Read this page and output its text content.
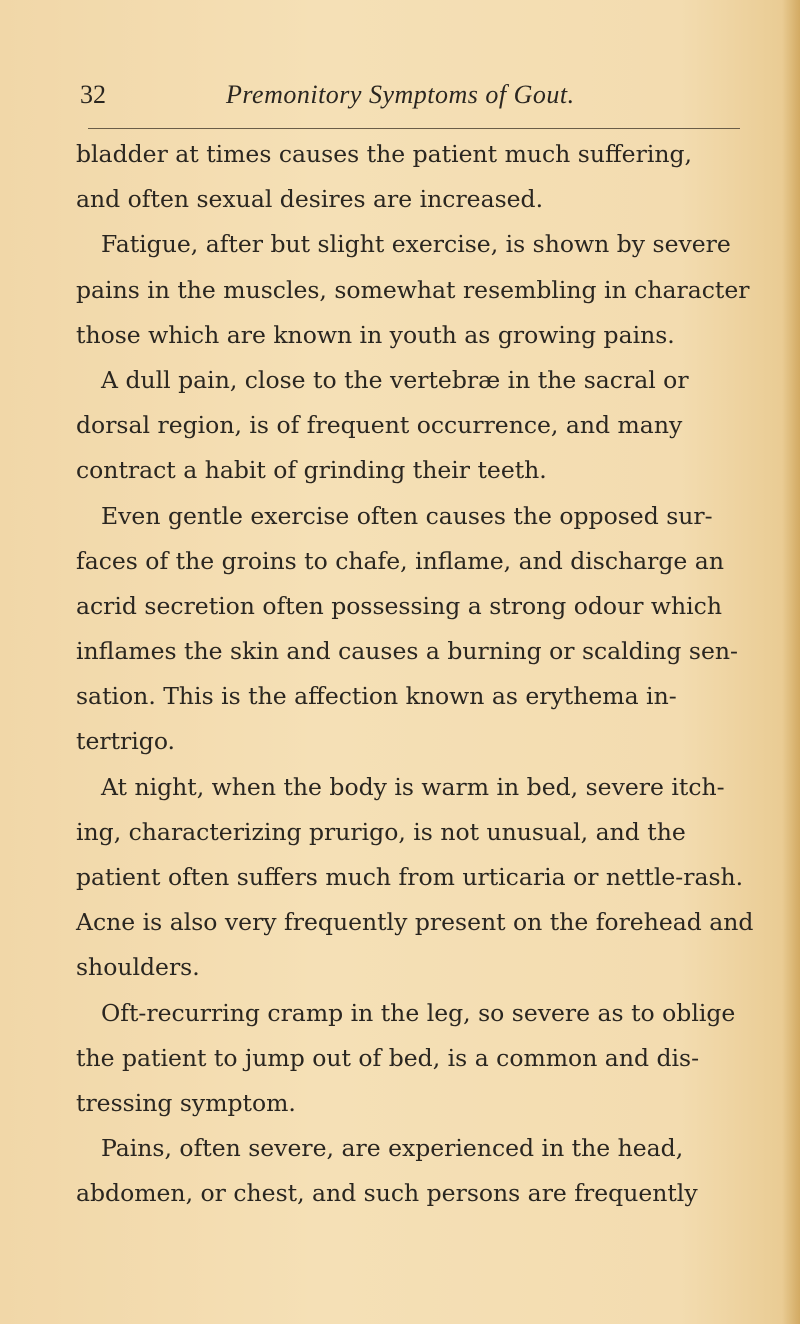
32	Premonitory Symptoms of Gout.
bladder at times causes the patient much suffering,
and often sexual desires are increased.
Fatigue, after but slight exercise, is shown by severe
pains in the muscles, somewhat resembling in character
those which are known in youth as growing pains.
A dull pain, close to the vertebræ in the sacral or
dorsal region, is of frequent occurrence, and many
contract a habit of grinding their teeth.
Even gentle exercise often causes the opposed sur-
faces of the groins to chafe, inflame, and discharge an
acrid secretion often possessing a strong odour which
inflames the skin and causes a burning or scalding sen-
sation. This is the affection known as erythema in-
tertrigo.
At night, when the body is warm in bed, severe itch-
ing, characterizing prurigo, is not unusual, and the
patient often suffers much from urticaria or nettle-rash.
Acne is also very frequently present on the forehead and
shoulders.
Oft-recurring cramp in the leg, so severe as to oblige
the patient to jump out of bed, is a common and dis-
tressing symptom.
Pains, often severe, are experienced in the head,
abdomen, or chest, and such persons are frequently
